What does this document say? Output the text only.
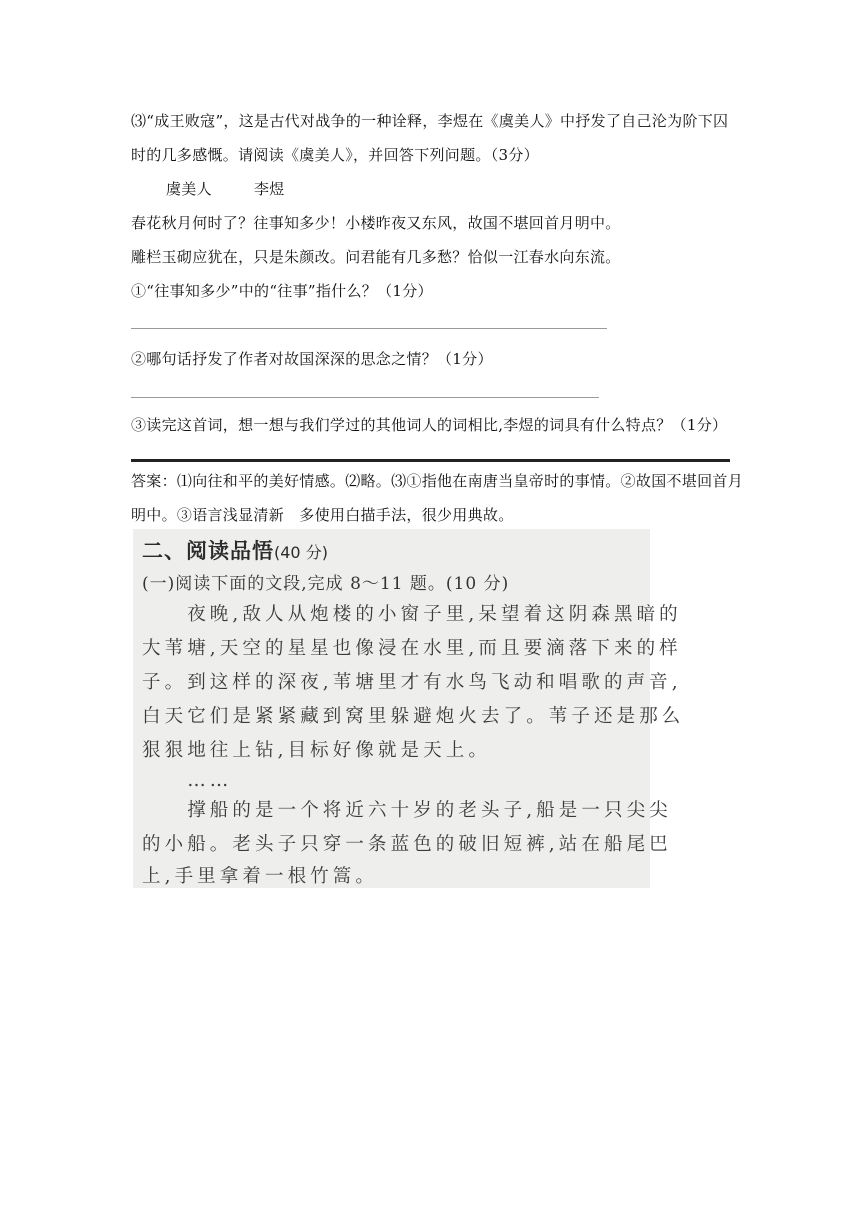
⑶“成王败寇”，这是古代对战争的一种诠释，李煜在《虞美人》中抒发了自己沦为阶下囚
时的几多感慨。请阅读《虞美人》，并回答下列问题。（3分）
虞美人	李煜
春花秋月何时了？往事知多少！小楼昨夜又东风，故国不堪回首月明中。
雕栏玉砌应犹在，只是朱颜改。问君能有几多愁？恰似一江春水向东流。
①“往事知多少”中的“往事”指什么？（1分）
②哪句话抒发了作者对故国深深的思念之情？（1分）
③读完这首词，想一想与我们学过的其他词人的词相比,李煜的词具有什么特点？（1分）
答案：⑴向往和平的美好情感。⑵略。⑶①指他在南唐当皇帝时的事情。②故国不堪回首月
明中。③语言浅显清新　多使用白描手法，很少用典故。
二、阅读品悟(40 分)
(一)阅读下面的文段,完成 8～11 题。(10 分)
　　夜晚,敌人从炮楼的小窗子里,呆望着这阴森黑暗的
大苇塘,天空的星星也像浸在水里,而且要滴落下来的样
子。到这样的深夜,苇塘里才有水鸟飞动和唱歌的声音,
白天它们是紧紧藏到窝里躲避炮火去了。苇子还是那么
狠狠地往上钻,目标好像就是天上。
　　……
　　撑船的是一个将近六十岁的老头子,船是一只尖尖
的小船。老头子只穿一条蓝色的破旧短裤,站在船尾巴
上,手里拿着一根竹篙。
